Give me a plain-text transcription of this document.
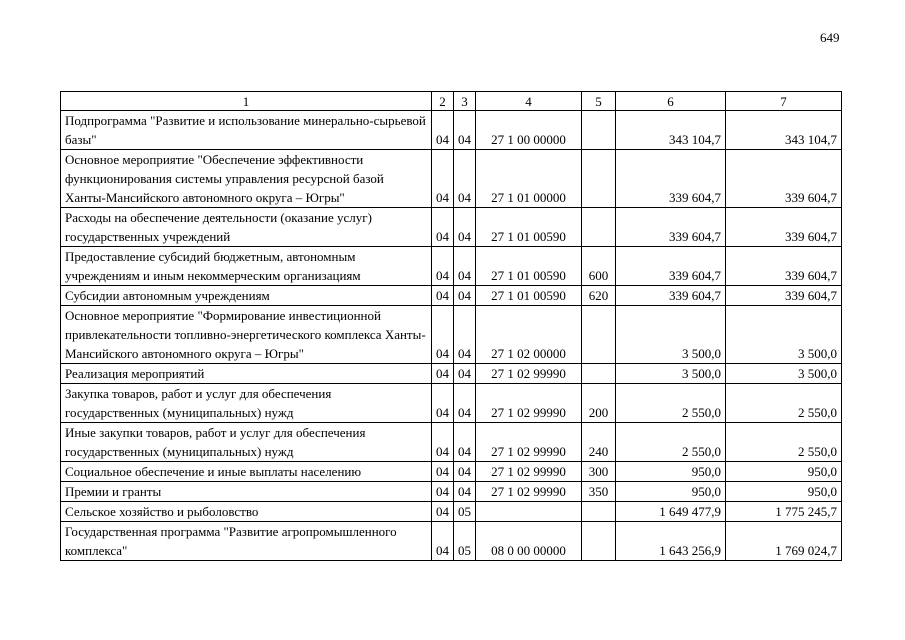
649
1	2	3	4	5	6	7
Подпрограмма "Развитие и использование минерально-сырьевой базы"	04	04	27 1 00 00000		343 104,7	343 104,7
Основное мероприятие "Обеспечение эффективности функционирования системы управления ресурсной базой Ханты-Мансийского автономного округа – Югры"	04	04	27 1 01 00000		339 604,7	339 604,7
Расходы на обеспечение деятельности (оказание услуг) государственных учреждений	04	04	27 1 01 00590		339 604,7	339 604,7
Предоставление субсидий бюджетным, автономным учреждениям и иным некоммерческим организациям	04	04	27 1 01 00590	600	339 604,7	339 604,7
Субсидии автономным учреждениям	04	04	27 1 01 00590	620	339 604,7	339 604,7
Основное мероприятие "Формирование инвестиционной привлекательности топливно-энергетического комплекса Ханты-Мансийского автономного округа – Югры"	04	04	27 1 02 00000		3 500,0	3 500,0
Реализация мероприятий	04	04	27 1 02 99990		3 500,0	3 500,0
Закупка товаров, работ и услуг для обеспечения государственных (муниципальных) нужд	04	04	27 1 02 99990	200	2 550,0	2 550,0
Иные закупки товаров, работ и услуг для обеспечения государственных (муниципальных) нужд	04	04	27 1 02 99990	240	2 550,0	2 550,0
Социальное обеспечение и иные выплаты населению	04	04	27 1 02 99990	300	950,0	950,0
Премии и гранты	04	04	27 1 02 99990	350	950,0	950,0
Сельское хозяйство и рыболовство	04	05			1 649 477,9	1 775 245,7
Государственная программа "Развитие агропромышленного комплекса"	04	05	08 0 00 00000		1 643 256,9	1 769 024,7
